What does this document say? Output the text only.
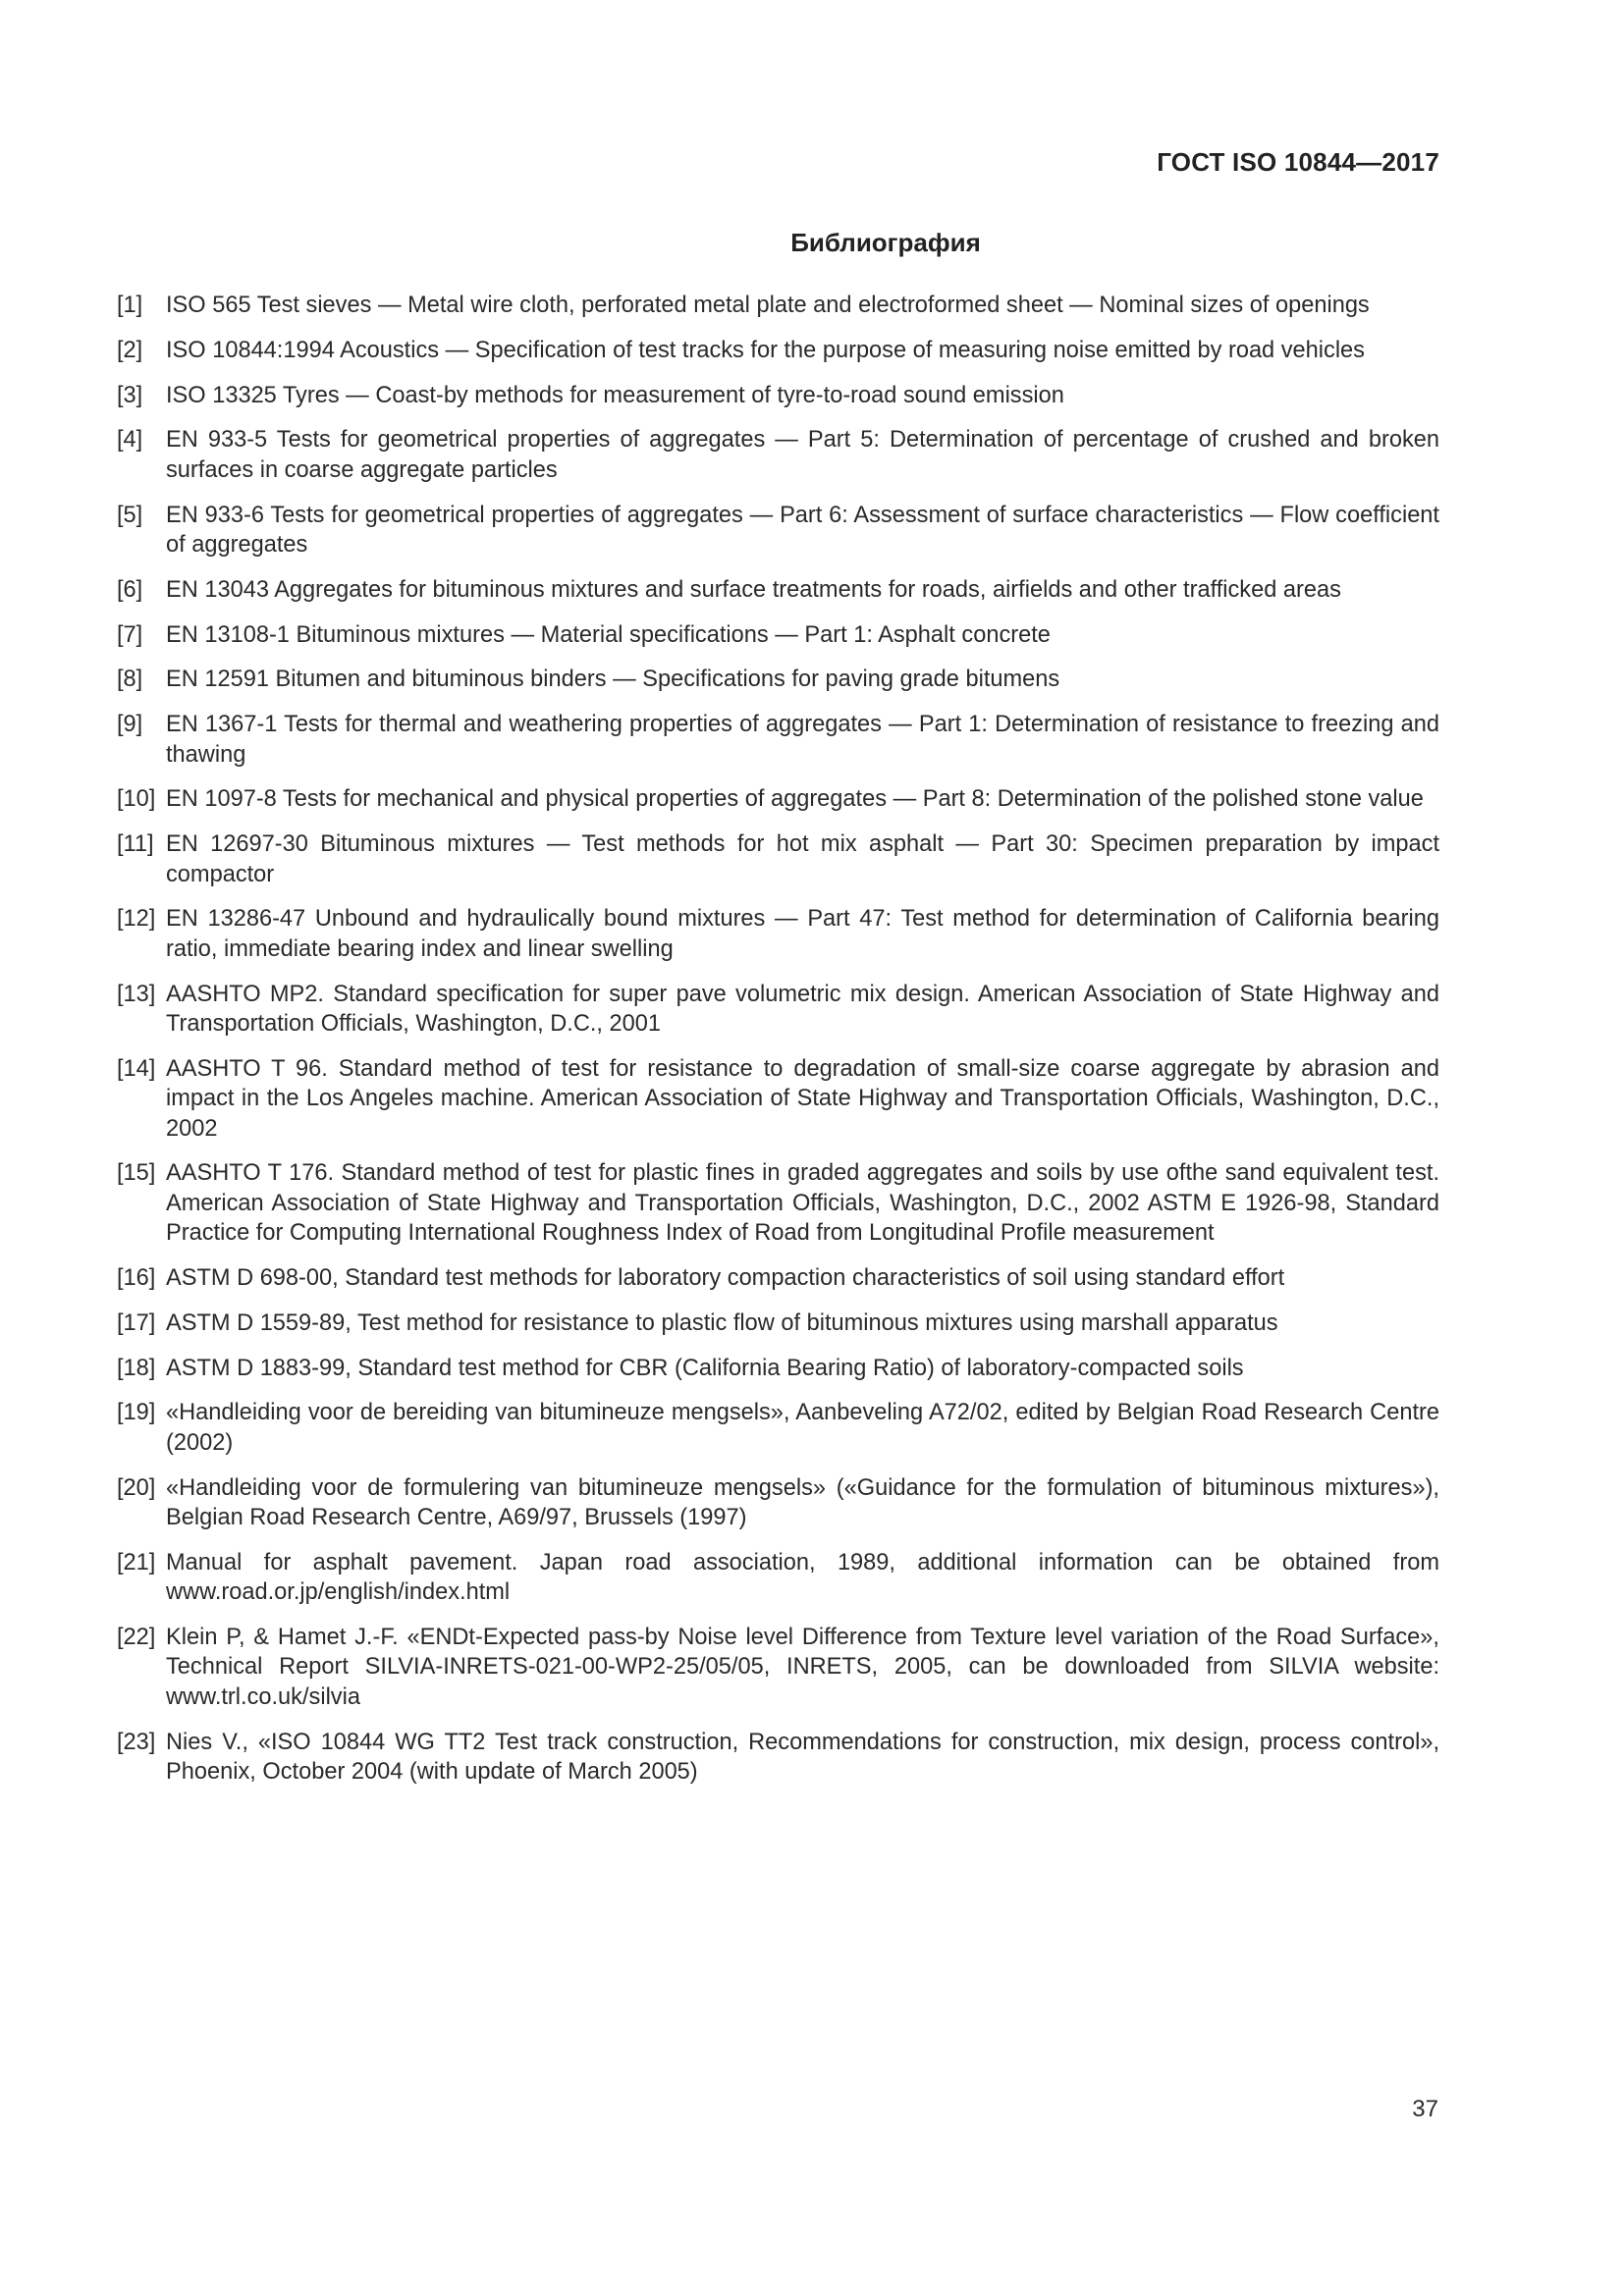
ГОСТ ISO 10844—2017
Библиография
[1] ISO 565 Test sieves — Metal wire cloth, perforated metal plate and electroformed sheet — Nominal sizes of openings
[2] ISO 10844:1994 Acoustics — Specification of test tracks for the purpose of measuring noise emitted by road vehicles
[3] ISO 13325 Tyres — Coast-by methods for measurement of tyre-to-road sound emission
[4] EN 933-5 Tests for geometrical properties of aggregates — Part 5: Determination of percentage of crushed and broken surfaces in coarse aggregate particles
[5] EN 933-6 Tests for geometrical properties of aggregates — Part 6: Assessment of surface characteristics — Flow coefficient of aggregates
[6] EN 13043 Aggregates for bituminous mixtures and surface treatments for roads, airfields and other trafficked areas
[7] EN 13108-1 Bituminous mixtures — Material specifications — Part 1: Asphalt concrete
[8] EN 12591 Bitumen and bituminous binders — Specifications for paving grade bitumens
[9] EN 1367-1 Tests for thermal and weathering properties of aggregates — Part 1: Determination of resistance to freezing and thawing
[10] EN 1097-8 Tests for mechanical and physical properties of aggregates — Part 8: Determination of the polished stone value
[11] EN 12697-30 Bituminous mixtures — Test methods for hot mix asphalt — Part 30: Specimen preparation by impact compactor
[12] EN 13286-47 Unbound and hydraulically bound mixtures — Part 47: Test method for determination of California bearing ratio, immediate bearing index and linear swelling
[13] AASHTO MP2. Standard specification for super pave volumetric mix design. American Association of State Highway and Transportation Officials, Washington, D.C., 2001
[14] AASHTO T 96. Standard method of test for resistance to degradation of small-size coarse aggregate by abrasion and impact in the Los Angeles machine. American Association of State Highway and Transportation Officials, Washington, D.C., 2002
[15] AASHTO T 176. Standard method of test for plastic fines in graded aggregates and soils by use ofthe sand equivalent test. American Association of State Highway and Transportation Officials, Washington, D.C., 2002 ASTM E 1926-98, Standard Practice for Computing International Roughness Index of Road from Longitudinal Profile measurement
[16] ASTM D 698-00, Standard test methods for laboratory compaction characteristics of soil using standard effort
[17] ASTM D 1559-89, Test method for resistance to plastic flow of bituminous mixtures using marshall apparatus
[18] ASTM D 1883-99, Standard test method for CBR (California Bearing Ratio) of laboratory-compacted soils
[19] «Handleiding voor de bereiding van bitumineuze mengsels», Aanbeveling A72/02, edited by Belgian Road Research Centre (2002)
[20] «Handleiding voor de formulering van bitumineuze mengsels» («Guidance for the formulation of bituminous mixtures»), Belgian Road Research Centre, A69/97, Brussels (1997)
[21] Manual for asphalt pavement. Japan road association, 1989, additional information can be obtained from www.road.or.jp/english/index.html
[22] Klein P, & Hamet J.-F. «ENDt-Expected pass-by Noise level Difference from Texture level variation of the Road Surface», Technical Report SILVIA-INRETS-021-00-WP2-25/05/05, INRETS, 2005, can be downloaded from SILVIA website: www.trl.co.uk/silvia
[23] Nies V., «ISO 10844 WG TT2 Test track construction, Recommendations for construction, mix design, process control», Phoenix, October 2004 (with update of March 2005)
37
